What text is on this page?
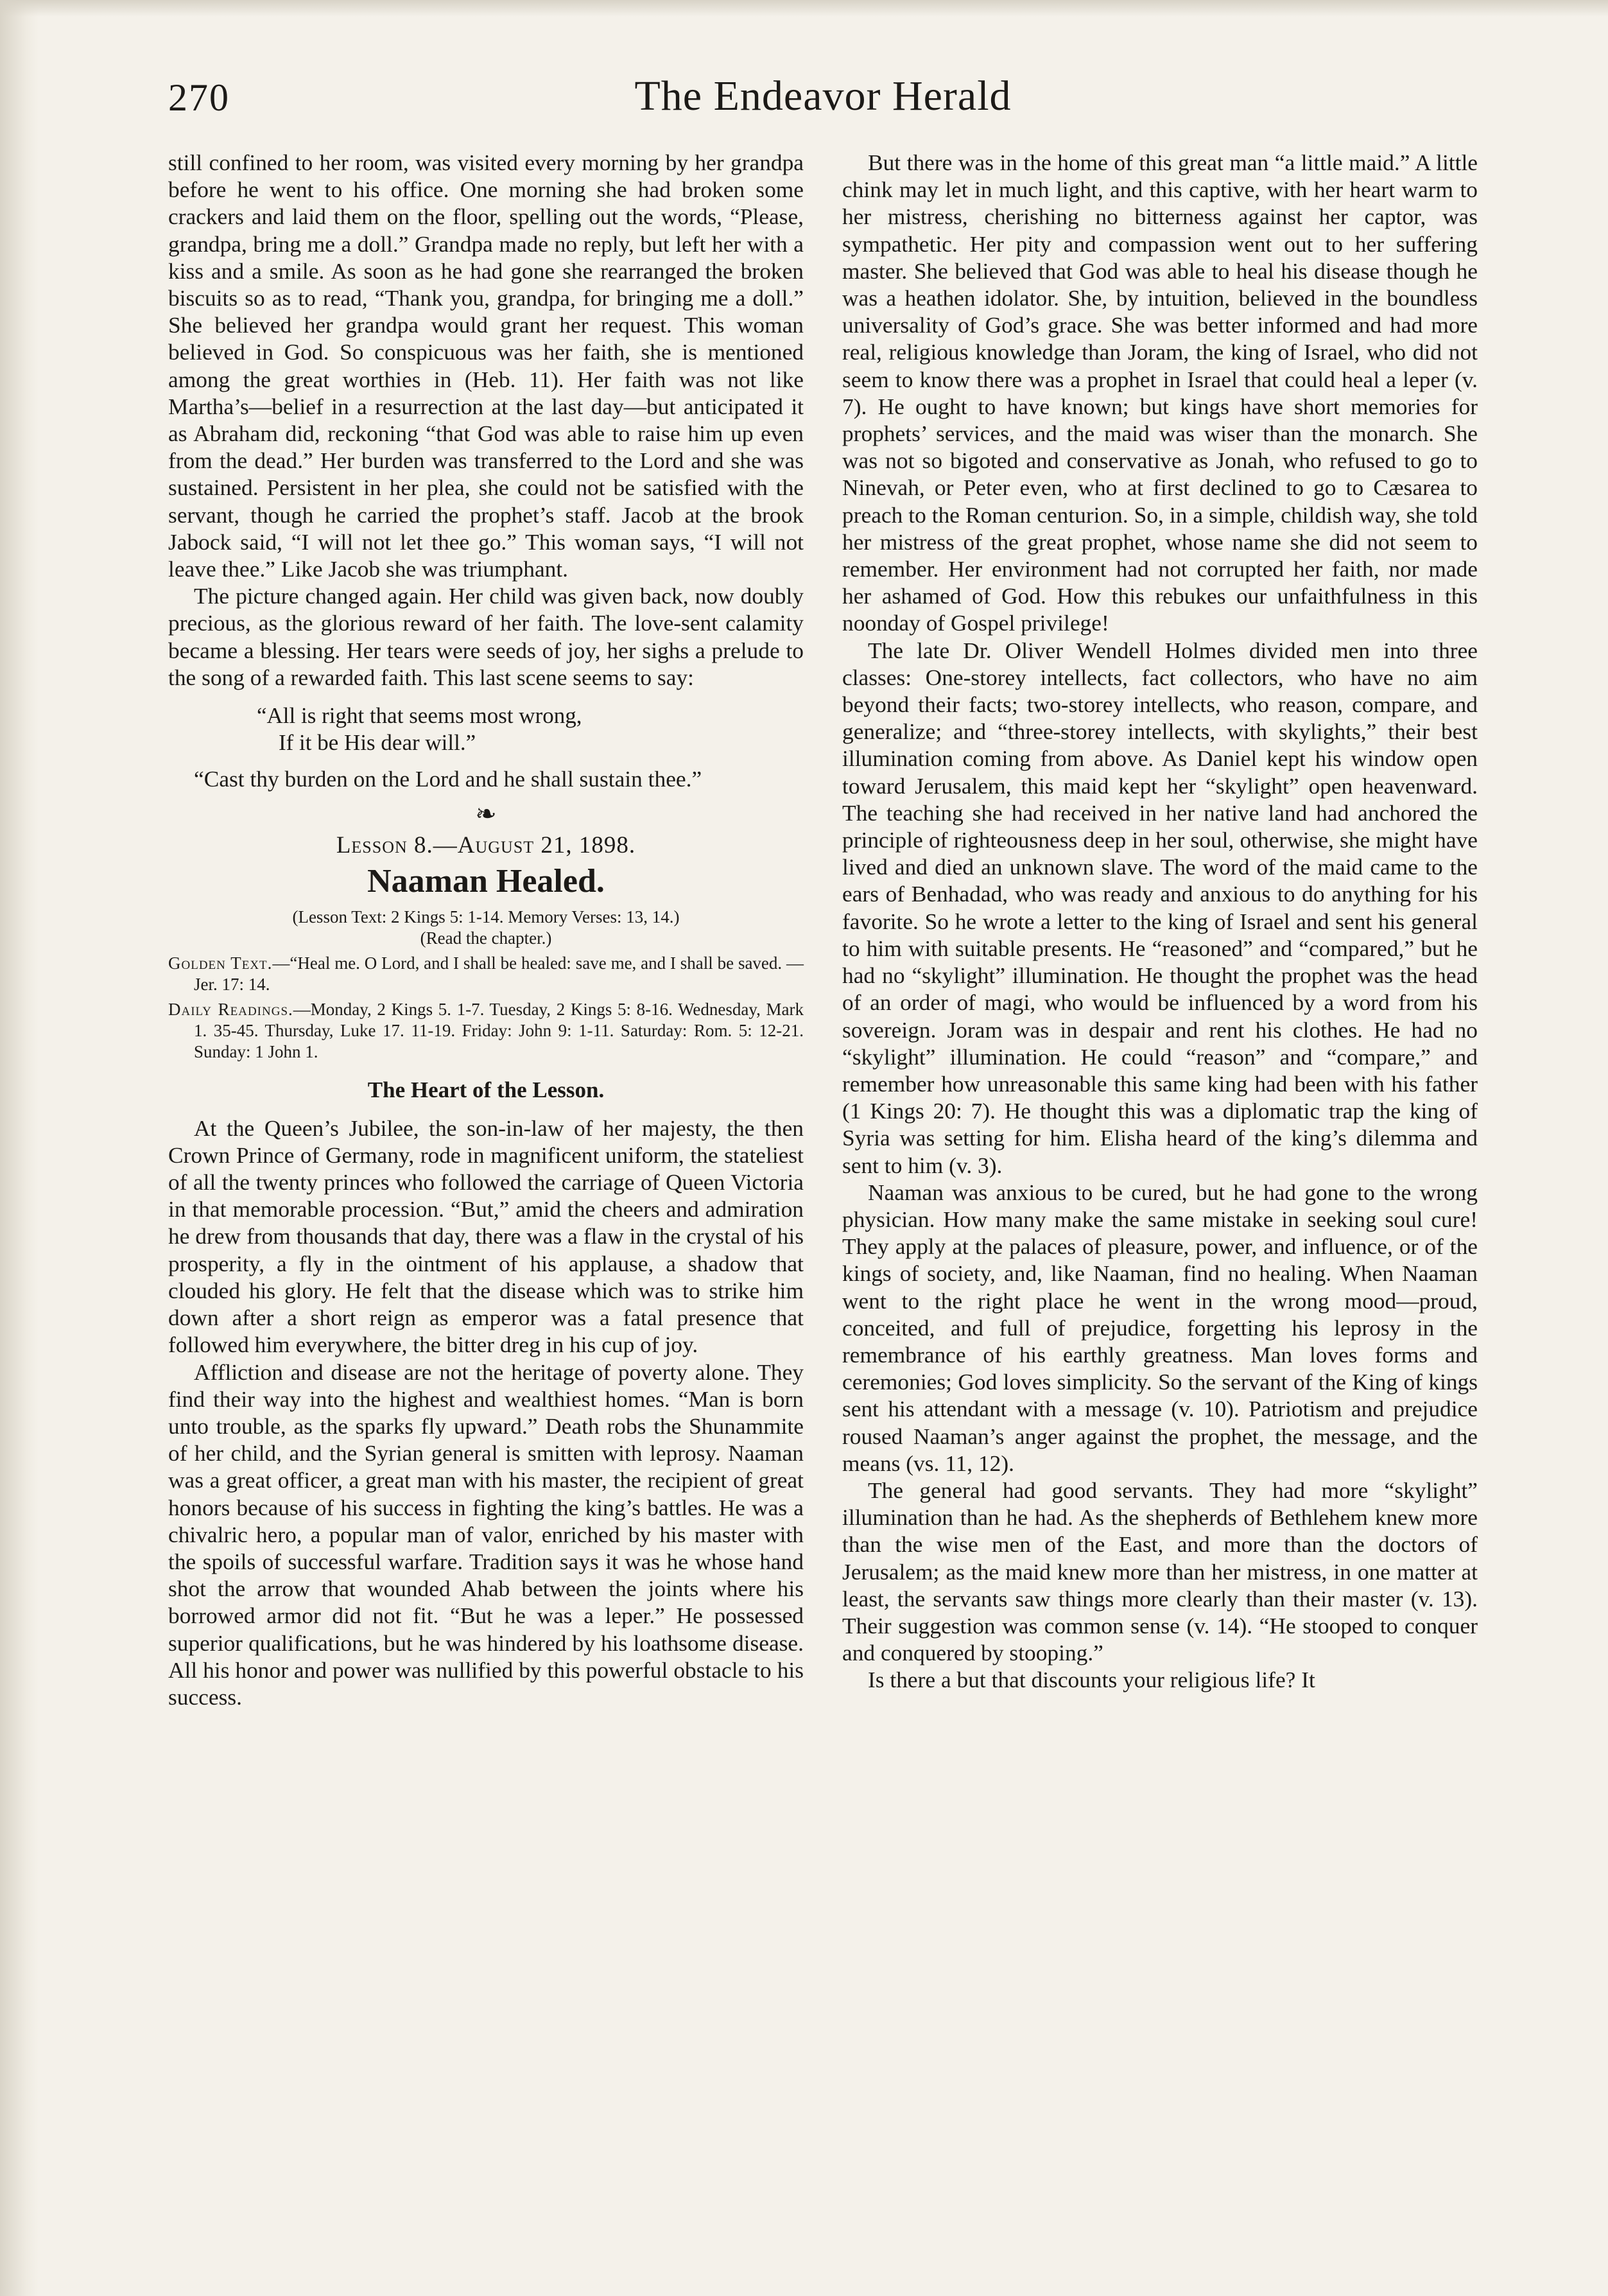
270	The Endeavor Herald

still confined to her room, was visited every morning by her grandpa before he went to his office. One morning she had broken some crackers and laid them on the floor, spelling out the words, “Please, grandpa, bring me a doll.” Grandpa made no reply, but left her with a kiss and a smile. As soon as he had gone she rearranged the broken biscuits so as to read, “Thank you, grandpa, for bringing me a doll.” She believed her grandpa would grant her request. This woman believed in God. So conspicuous was her faith, she is mentioned among the great worthies in (Heb. 11). Her faith was not like Martha’s—belief in a resurrection at the last day—but anticipated it as Abraham did, reckoning “that God was able to raise him up even from the dead.” Her burden was transferred to the Lord and she was sustained. Persistent in her plea, she could not be satisfied with the servant, though he carried the prophet’s staff. Jacob at the brook Jabock said, “I will not let thee go.” This woman says, “I will not leave thee.” Like Jacob she was triumphant.

The picture changed again. Her child was given back, now doubly precious, as the glorious reward of her faith. The love-sent calamity became a blessing. Her tears were seeds of joy, her sighs a prelude to the song of a rewarded faith. This last scene seems to say:

“All is right that seems most wrong,
If it be His dear will.”

“Cast thy burden on the Lord and he shall sustain thee.”

❧
Lesson 8.—August 21, 1898.
Naaman Healed.
(Lesson Text: 2 Kings 5: 1-14. Memory Verses: 13, 14.)
(Read the chapter.)

Golden Text.—“Heal me. O Lord, and I shall be healed: save me, and I shall be saved. —Jer. 17: 14.

Daily Readings.—Monday, 2 Kings 5. 1-7. Tuesday, 2 Kings 5: 8-16. Wednesday, Mark 1. 35-45. Thursday, Luke 17. 11-19. Friday: John 9: 1-11. Saturday: Rom. 5: 12-21. Sunday: 1 John 1.

The Heart of the Lesson.

At the Queen’s Jubilee, the son-in-law of her majesty, the then Crown Prince of Germany, rode in magnificent uniform, the stateliest of all the twenty princes who followed the carriage of Queen Victoria in that memorable procession. “But,” amid the cheers and admiration he drew from thousands that day, there was a flaw in the crystal of his prosperity, a fly in the ointment of his applause, a shadow that clouded his glory. He felt that the disease which was to strike him down after a short reign as emperor was a fatal presence that followed him everywhere, the bitter dreg in his cup of joy.

Affliction and disease are not the heritage of poverty alone. They find their way into the highest and wealthiest homes. “Man is born unto trouble, as the sparks fly upward.” Death robs the Shunammite of her child, and the Syrian general is smitten with leprosy. Naaman was a great officer, a great man with his master, the recipient of great honors because of his success in fighting the king’s battles. He was a chivalric hero, a popular man of valor, enriched by his master with the spoils of successful warfare. Tradition says it was he whose hand shot the arrow that wounded Ahab between the joints where his borrowed armor did not fit. “But he was a leper.” He possessed superior qualifications, but he was hindered by his loathsome disease. All his honor and power was nullified by this powerful obstacle to his success.

But there was in the home of this great man “a little maid.” A little chink may let in much light, and this captive, with her heart warm to her mistress, cherishing no bitterness against her captor, was sympathetic. Her pity and compassion went out to her suffering master. She believed that God was able to heal his disease though he was a heathen idolator. She, by intuition, believed in the boundless universality of God’s grace. She was better informed and had more real, religious knowledge than Joram, the king of Israel, who did not seem to know there was a prophet in Israel that could heal a leper (v. 7). He ought to have known; but kings have short memories for prophets’ services, and the maid was wiser than the monarch. She was not so bigoted and conservative as Jonah, who refused to go to Ninevah, or Peter even, who at first declined to go to Cæsarea to preach to the Roman centurion. So, in a simple, childish way, she told her mistress of the great prophet, whose name she did not seem to remember. Her environment had not corrupted her faith, nor made her ashamed of God. How this rebukes our unfaithfulness in this noonday of Gospel privilege!

The late Dr. Oliver Wendell Holmes divided men into three classes: One-storey intellects, fact collectors, who have no aim beyond their facts; two-storey intellects, who reason, compare, and generalize; and “three-storey intellects, with skylights,” their best illumination coming from above. As Daniel kept his window open toward Jerusalem, this maid kept her “skylight” open heavenward. The teaching she had received in her native land had anchored the principle of righteousness deep in her soul, otherwise, she might have lived and died an unknown slave. The word of the maid came to the ears of Benhadad, who was ready and anxious to do anything for his favorite. So he wrote a letter to the king of Israel and sent his general to him with suitable presents. He “reasoned” and “compared,” but he had no “skylight” illumination. He thought the prophet was the head of an order of magi, who would be influenced by a word from his sovereign. Joram was in despair and rent his clothes. He had no “skylight” illumination. He could “reason” and “compare,” and remember how unreasonable this same king had been with his father (1 Kings 20: 7). He thought this was a diplomatic trap the king of Syria was setting for him. Elisha heard of the king’s dilemma and sent to him (v. 3).

Naaman was anxious to be cured, but he had gone to the wrong physician. How many make the same mistake in seeking soul cure! They apply at the palaces of pleasure, power, and influence, or of the kings of society, and, like Naaman, find no healing. When Naaman went to the right place he went in the wrong mood—proud, conceited, and full of prejudice, forgetting his leprosy in the remembrance of his earthly greatness. Man loves forms and ceremonies; God loves simplicity. So the servant of the King of kings sent his attendant with a message (v. 10). Patriotism and prejudice roused Naaman’s anger against the prophet, the message, and the means (vs. 11, 12).

The general had good servants. They had more “skylight” illumination than he had. As the shepherds of Bethlehem knew more than the wise men of the East, and more than the doctors of Jerusalem; as the maid knew more than her mistress, in one matter at least, the servants saw things more clearly than their master (v. 13). Their suggestion was common sense (v. 14). “He stooped to conquer and conquered by stooping.”

Is there a but that discounts your religious life? It
